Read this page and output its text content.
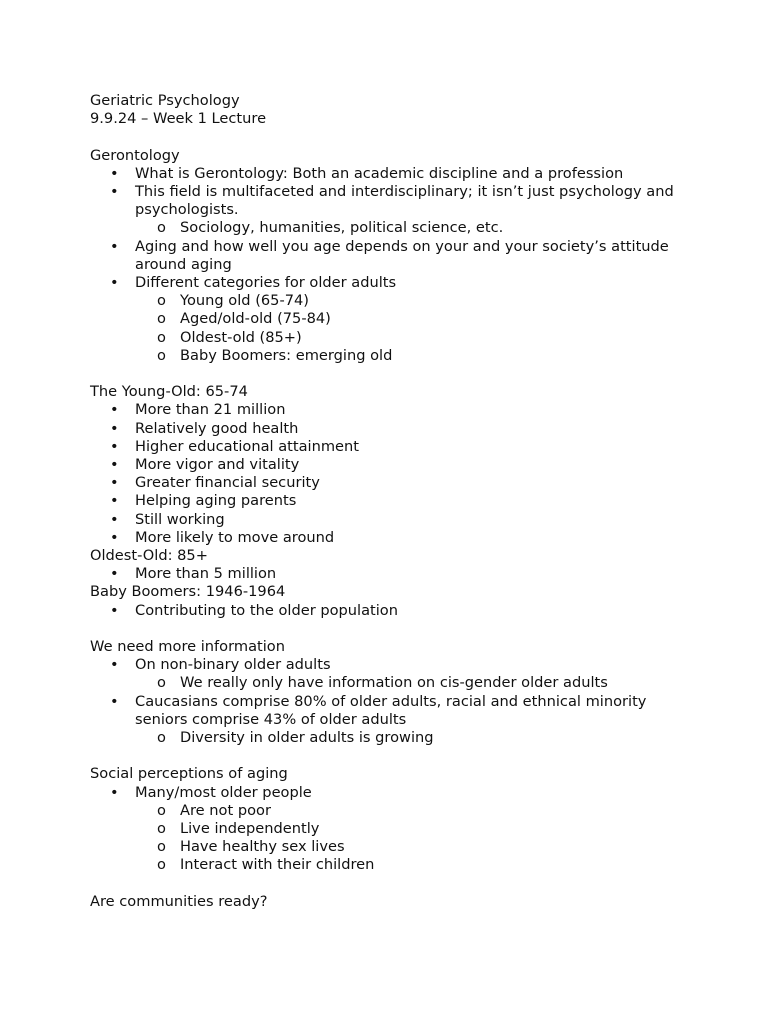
Geriatric Psychology
9.9.24 – Week 1 Lecture
Gerontology
• What is Gerontology: Both an academic discipline and a profession
• This field is multifaceted and interdisciplinary; it isn’t just psychology and psychologists.
o Sociology, humanities, political science, etc.
• Aging and how well you age depends on your and your society’s attitude around aging
• Different categories for older adults
o Young old (65-74)
o Aged/old-old (75-84)
o Oldest-old (85+)
o Baby Boomers: emerging old
The Young-Old: 65-74
• More than 21 million
• Relatively good health
• Higher educational attainment
• More vigor and vitality
• Greater financial security
• Helping aging parents
• Still working
• More likely to move around
Oldest-Old: 85+
• More than 5 million
Baby Boomers: 1946-1964
• Contributing to the older population
We need more information
• On non-binary older adults
o We really only have information on cis-gender older adults
• Caucasians comprise 80% of older adults, racial and ethnical minority seniors comprise 43% of older adults
o Diversity in older adults is growing
Social perceptions of aging
• Many/most older people
o Are not poor
o Live independently
o Have healthy sex lives
o Interact with their children
Are communities ready?
